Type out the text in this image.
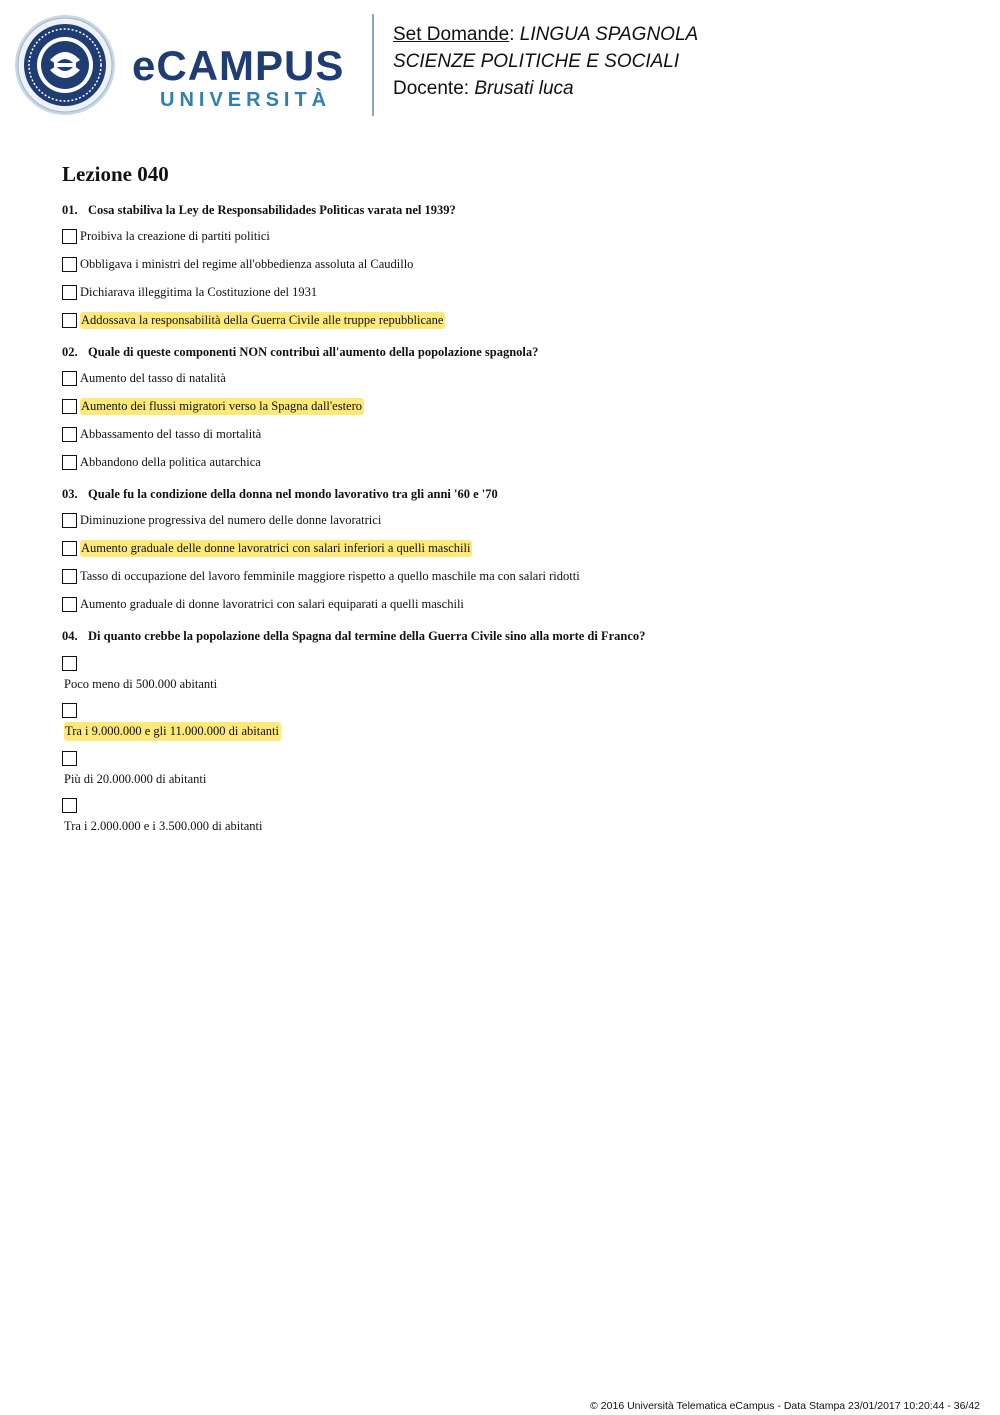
eCAMPUS
UNIVERSITÀ
Set Domande: LINGUA SPAGNOLA
SCIENZE POLITICHE E SOCIALI
Docente: Brusati luca
Lezione 040
01. Cosa stabiliva la Ley de Responsabilidades Polìticas varata nel 1939?
Proibiva la creazione di partiti politici
Obbligava i ministri del regime all'obbedienza assoluta al Caudillo
Dichiarava illeggitima la Costituzione del 1931
Addossava la responsabilità della Guerra Civile alle truppe repubblicane
02. Quale di queste componenti NON contribuì all'aumento della popolazione spagnola?
Aumento del tasso di natalità
Aumento dei flussi migratori verso la Spagna dall'estero
Abbassamento del tasso di mortalità
Abbandono della politica autarchica
03. Quale fu la condizione della donna nel mondo lavorativo tra gli anni '60 e '70
Diminuzione progressiva del numero delle donne lavoratrici
Aumento graduale delle donne lavoratrici con salari inferiori a quelli maschili
Tasso di occupazione del lavoro femminile maggiore rispetto a quello maschile ma con salari ridotti
Aumento graduale di donne lavoratrici con salari equiparati a quelli maschili
04. Di quanto crebbe la popolazione della Spagna dal termine della Guerra Civile sino alla morte di Franco?
Poco meno di 500.000 abitanti
Tra i 9.000.000 e gli 11.000.000 di abitanti
Più di 20.000.000 di abitanti
Tra i 2.000.000 e i 3.500.000 di abitanti
© 2016 Università Telematica eCampus - Data Stampa 23/01/2017 10:20:44 - 36/42
